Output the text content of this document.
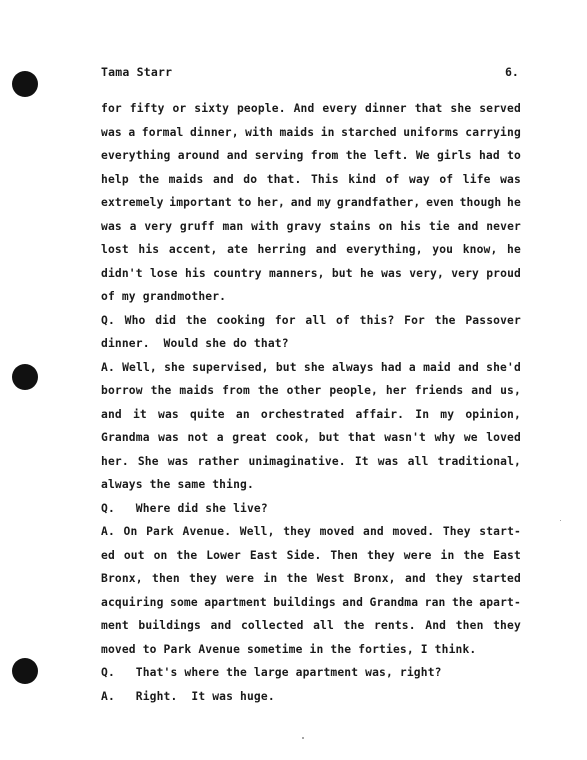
Tama Starr	6.
for fifty or sixty people. And every dinner that she served
was a formal dinner, with maids in starched uniforms carrying
everything around and serving from the left. We girls had to
help the maids and do that. This kind of way of life was
extremely important to her, and my grandfather, even though he
was a very gruff man with gravy stains on his tie and never
lost his accent, ate herring and everything, you know, he
didn't lose his country manners, but he was very, very proud
of my grandmother.
Q. Who did the cooking for all of this? For the Passover
dinner.  Would she do that?
A. Well, she supervised, but she always had a maid and she'd
borrow the maids from the other people, her friends and us,
and it was quite an orchestrated affair. In my opinion,
Grandma was not a great cook, but that wasn't why we loved
her. She was rather unimaginative. It was all traditional,
always the same thing.
Q.   Where did she live?
A. On Park Avenue. Well, they moved and moved. They start-
ed out on the Lower East Side. Then they were in the East
Bronx, then they were in the West Bronx, and they started
acquiring some apartment buildings and Grandma ran the apart-
ment buildings and collected all the rents. And then they
moved to Park Avenue sometime in the forties, I think.
Q.   That's where the large apartment was, right?
A.   Right.  It was huge.
